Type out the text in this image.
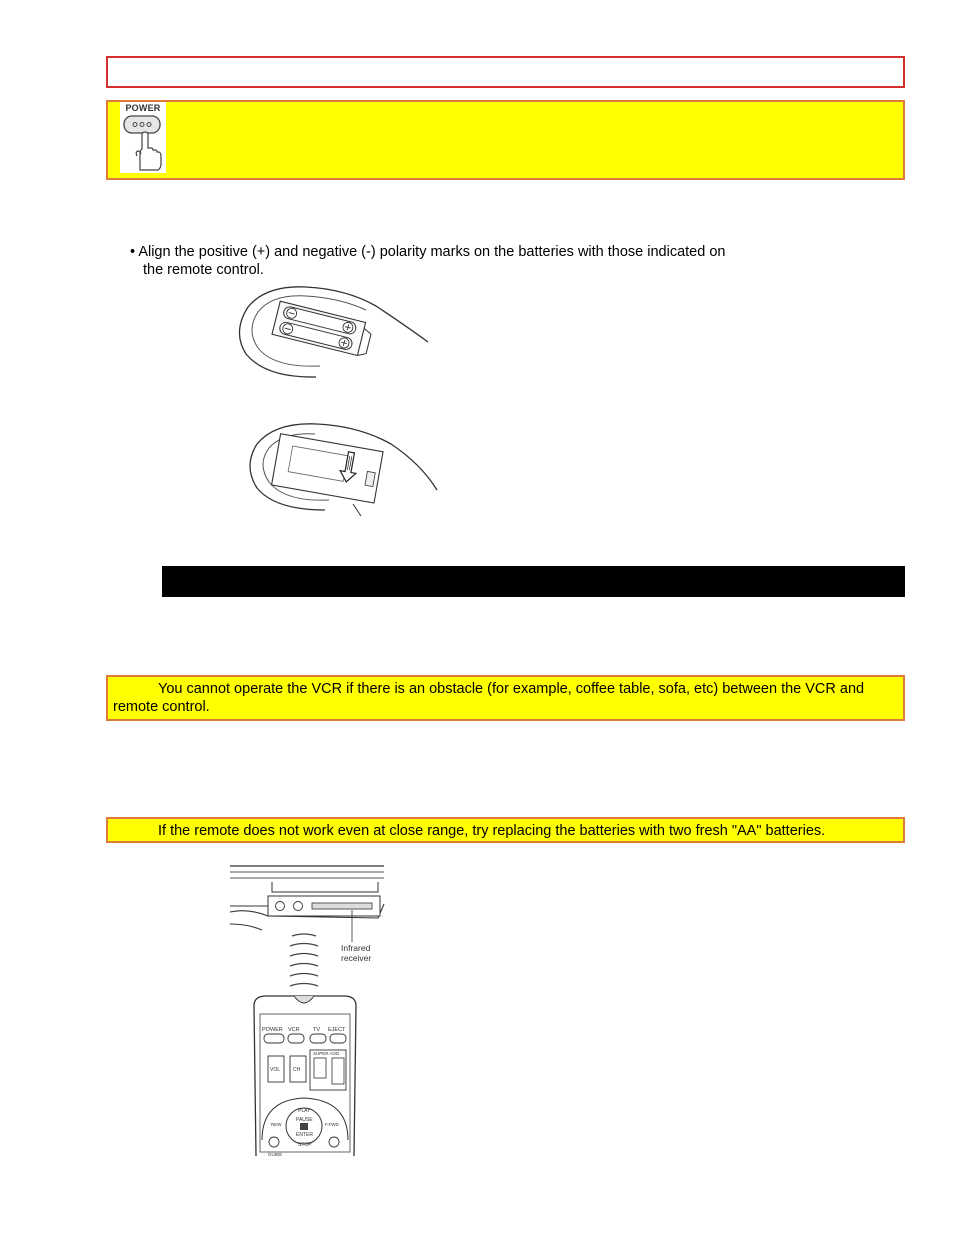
POWER
• Align the positive (+) and negative (-) polarity marks on the batteries with those indicated on
the remote control.
You cannot operate the VCR if there is an obstacle (for example, coffee table, sofa, etc) between the VCR and remote control.
If the remote does not work even at close range, try replacing the batteries with two fresh "AA" batteries.
Infrared
receiver
POWER VCR TV EJECT
SUPER AOD
VOL	CH
PLAY
PAUSE
ENTER
STOP
REW	F.FWD
GUIDE
